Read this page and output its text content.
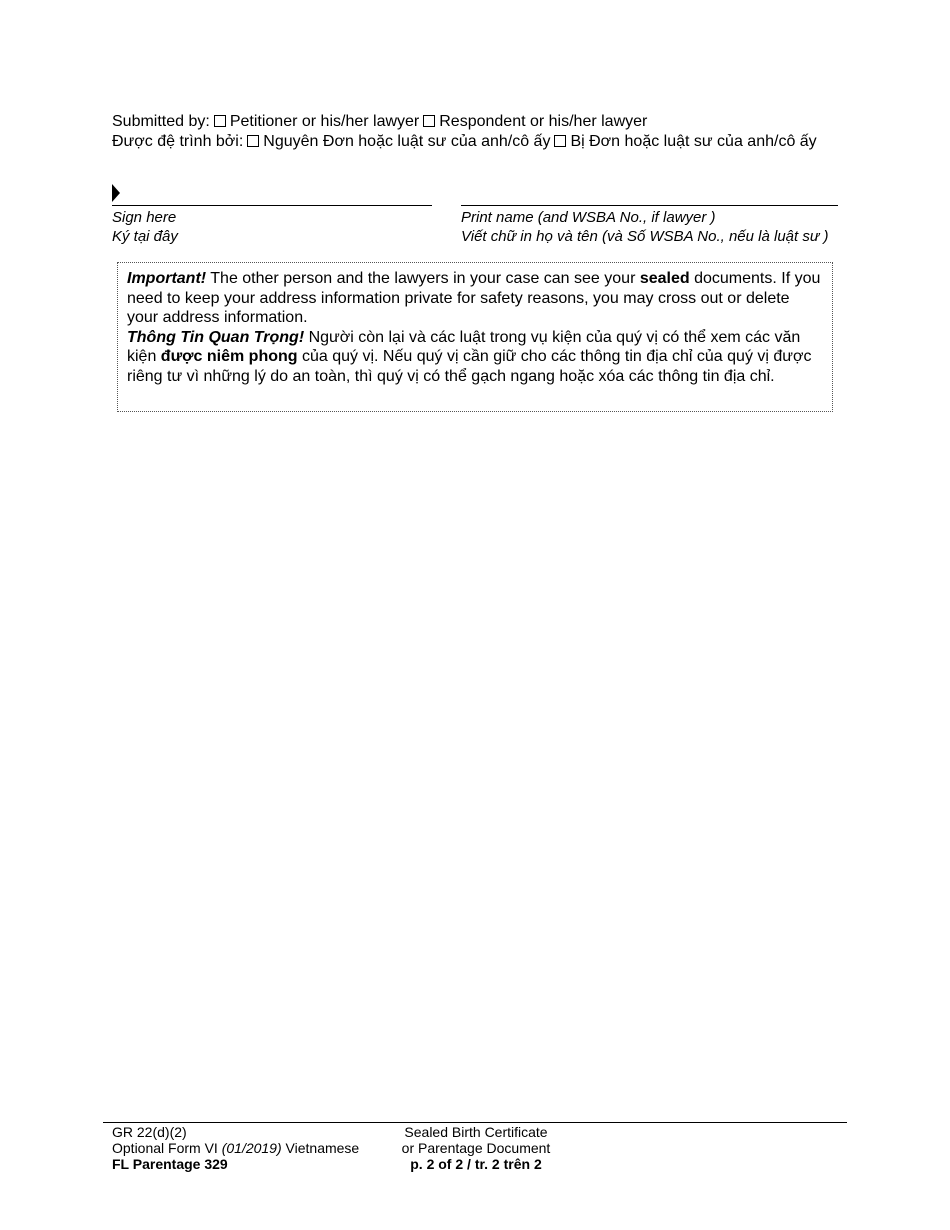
Submitted by: Petitioner or his/her lawyer Respondent or his/her lawyer
Được đệ trình bởi: Nguyên Đơn hoặc luật sư của anh/cô ấy Bị Đơn hoặc luật sư của anh/cô ấy
Sign here
Ký tại đây
Print name (and WSBA No., if lawyer )
Viết chữ in họ và tên (và Số WSBA No., nếu là luật sư )

Important! The other person and the lawyers in your case can see your sealed documents. If you need to keep your address information private for safety reasons, you may cross out or delete your address information.

Thông Tin Quan Trọng! Người còn lại và các luật trong vụ kiện của quý vị có thể xem các văn kiện được niêm phong của quý vị. Nếu quý vị cần giữ cho các thông tin địa chỉ của quý vị được riêng tư vì những lý do an toàn, thì quý vị có thể gạch ngang hoặc xóa các thông tin địa chỉ.

GR 22(d)(2)
Optional Form VI (01/2019) Vietnamese
FL Parentage 329
Sealed Birth Certificate
or Parentage Document
p. 2 of 2 / tr. 2 trên 2
